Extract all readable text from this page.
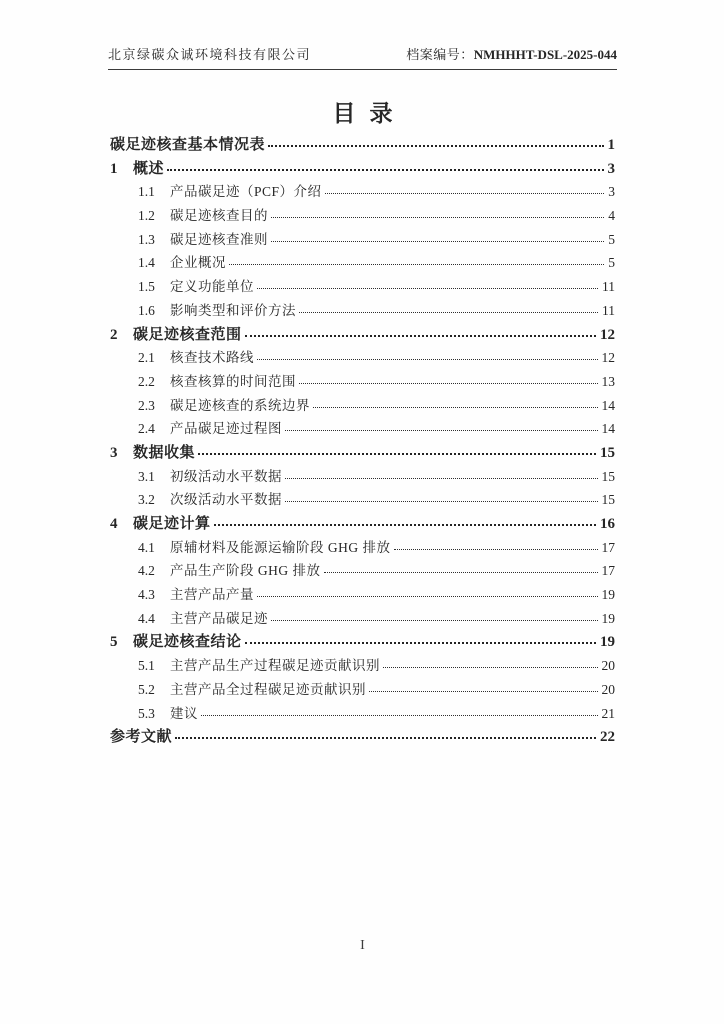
北京绿碳众诚环境科技有限公司	档案编号：NMHHHT-DSL-2025-044
目录
碳足迹核查基本情况表	1
1	概述	3
1.1	产品碳足迹（PCF）介绍	3
1.2	碳足迹核查目的	4
1.3	碳足迹核查准则	5
1.4	企业概况	5
1.5	定义功能单位	11
1.6	影响类型和评价方法	11
2	碳足迹核查范围	12
2.1	核查技术路线	12
2.2	核查核算的时间范围	13
2.3	碳足迹核查的系统边界	14
2.4	产品碳足迹过程图	14
3	数据收集	15
3.1	初级活动水平数据	15
3.2	次级活动水平数据	15
4	碳足迹计算	16
4.1	原辅材料及能源运输阶段 GHG 排放	17
4.2	产品生产阶段 GHG 排放	17
4.3	主营产品产量	19
4.4	主营产品碳足迹	19
5	碳足迹核查结论	19
5.1	主营产品生产过程碳足迹贡献识别	20
5.2	主营产品全过程碳足迹贡献识别	20
5.3	建议	21
参考文献	22
I
